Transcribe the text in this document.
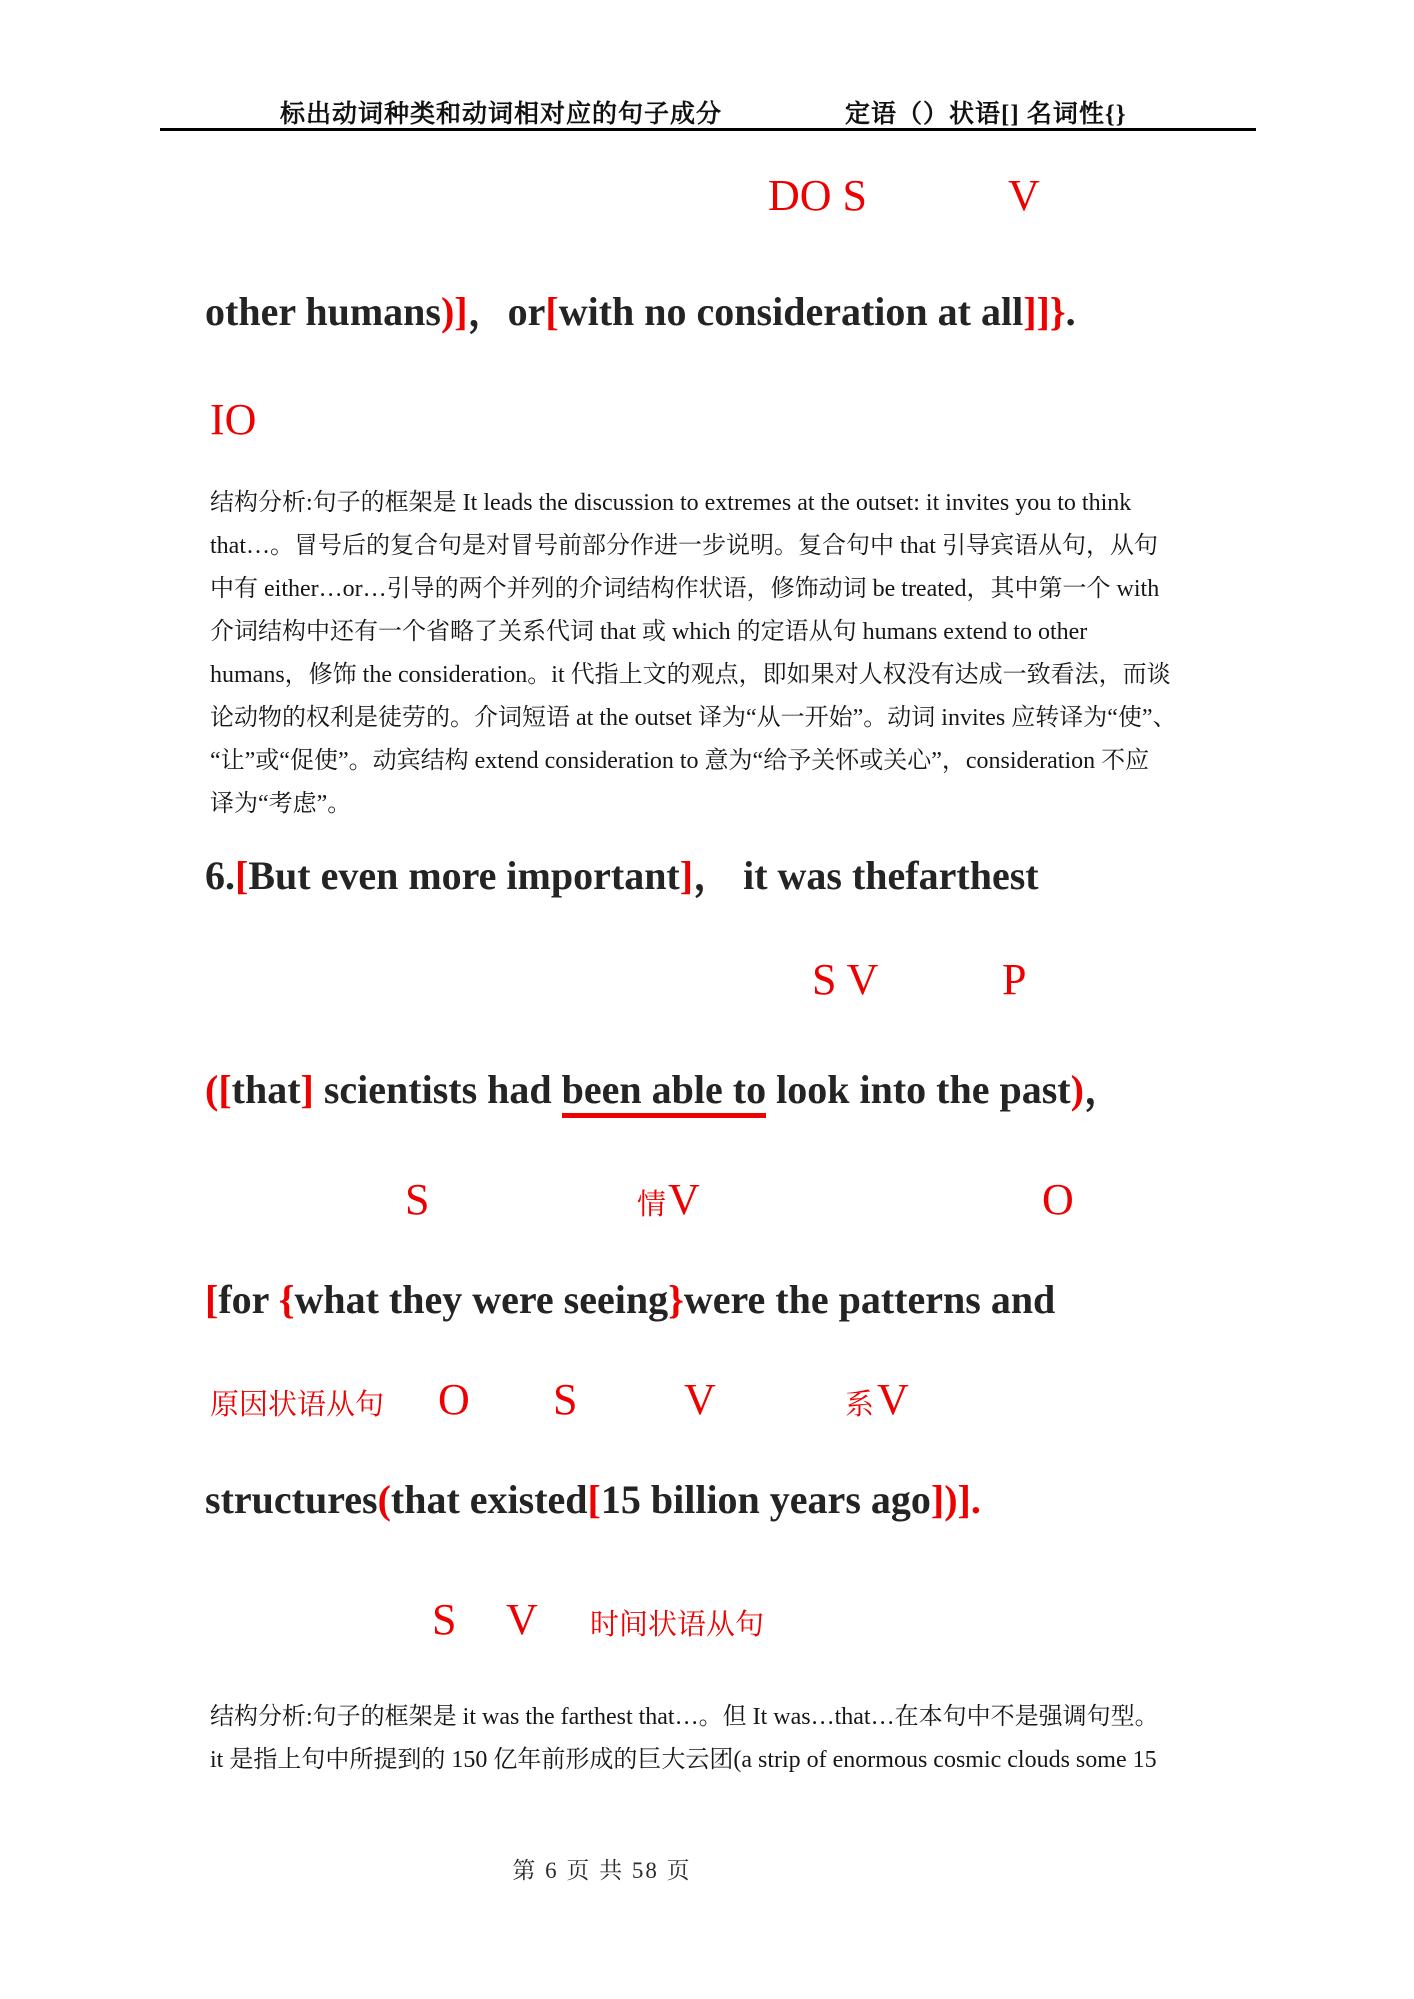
标出动词种类和动词相对应的句子成分	定语（）状语[] 名词性{}
DO S	V
other humans)]，or[with no consideration at all]]}.
IO
结构分析:句子的框架是 It leads the discussion to extremes at the outset: it invites you to think
that…。冒号后的复合句是对冒号前部分作进一步说明。复合句中 that 引导宾语从句，从句
中有 either…or…引导的两个并列的介词结构作状语，修饰动词 be treated，其中第一个 with
介词结构中还有一个省略了关系代词 that 或 which 的定语从句 humans extend to other
humans，修饰 the consideration。it 代指上文的观点，即如果对人权没有达成一致看法，而谈
论动物的权利是徒劳的。介词短语 at the outset 译为“从一开始”。动词 invites 应转译为“使”、
“让”或“促使”。动宾结构 extend consideration to 意为“给予关怀或关心”，consideration 不应
译为“考虑”。
6.[But even more important]， it was thefarthest
S V	P
([that] scientists had been able to look into the past)，
S	情 V	O
[for {what they were seeing}were the patterns and
原因状语从句 O S V	系 V
structures(that existed[15 billion years ago])].
S V 时间状语从句
结构分析:句子的框架是 it was the farthest that…。但 It was…that…在本句中不是强调句型。
it 是指上句中所提到的 150 亿年前形成的巨大云团(a strip of enormous cosmic clouds some 15
第 6 页 共 58 页
